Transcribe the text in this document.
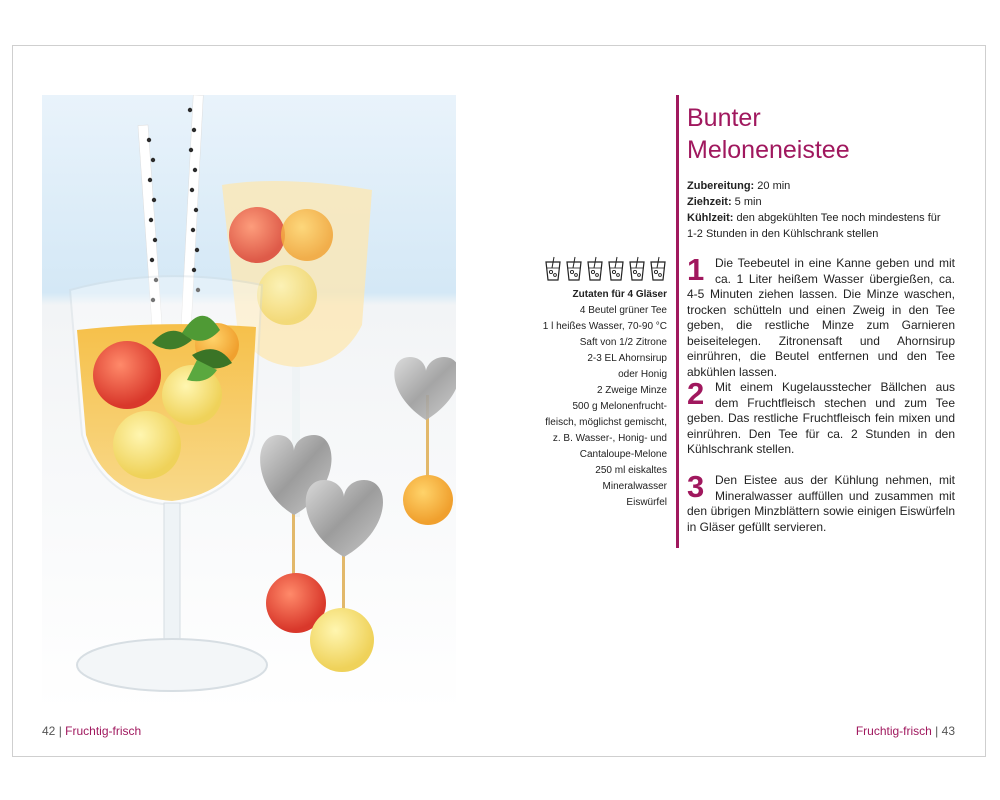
42 | Fruchtig-frisch	Fruchtig-frisch | 43
Bunter
Meloneneistee
Zubereitung: 20 min
Ziehzeit: 5 min
Kühlzeit: den abgekühlten Tee noch mindestens für
1-2 Stunden in den Kühlschrank stellen
Zutaten für 4 Gläser
4 Beutel grüner Tee
1 l heißes Wasser, 70-90 °C
Saft von 1/2 Zitrone
2-3 EL Ahornsirup
oder Honig
2 Zweige Minze
500 g Melonenfrucht-
fleisch, möglichst gemischt,
z. B. Wasser-, Honig- und
Cantaloupe-Melone
250 ml eiskaltes
Mineralwasser
Eiswürfel
1 Die Teebeutel in eine Kanne geben und mit ca. 1 Liter heißem Wasser übergießen, ca. 4-5 Minuten ziehen lassen. Die Minze waschen, trocken schütteln und einen Zweig in den Tee geben, die restliche Minze zum Garnieren beiseitelegen. Zitronensaft und Ahornsirup einrühren, die Beutel entfernen und den Tee abkühlen lassen.
2 Mit einem Kugelausstecher Bällchen aus dem Fruchtfleisch stechen und zum Tee geben. Das restliche Fruchtfleisch fein mixen und einrühren. Den Tee für ca. 2 Stunden in den Kühlschrank stellen.
3 Den Eistee aus der Kühlung nehmen, mit Mineralwasser auffüllen und zusammen mit den übrigen Minzblättern sowie einigen Eiswürfeln in Gläser gefüllt servieren.
